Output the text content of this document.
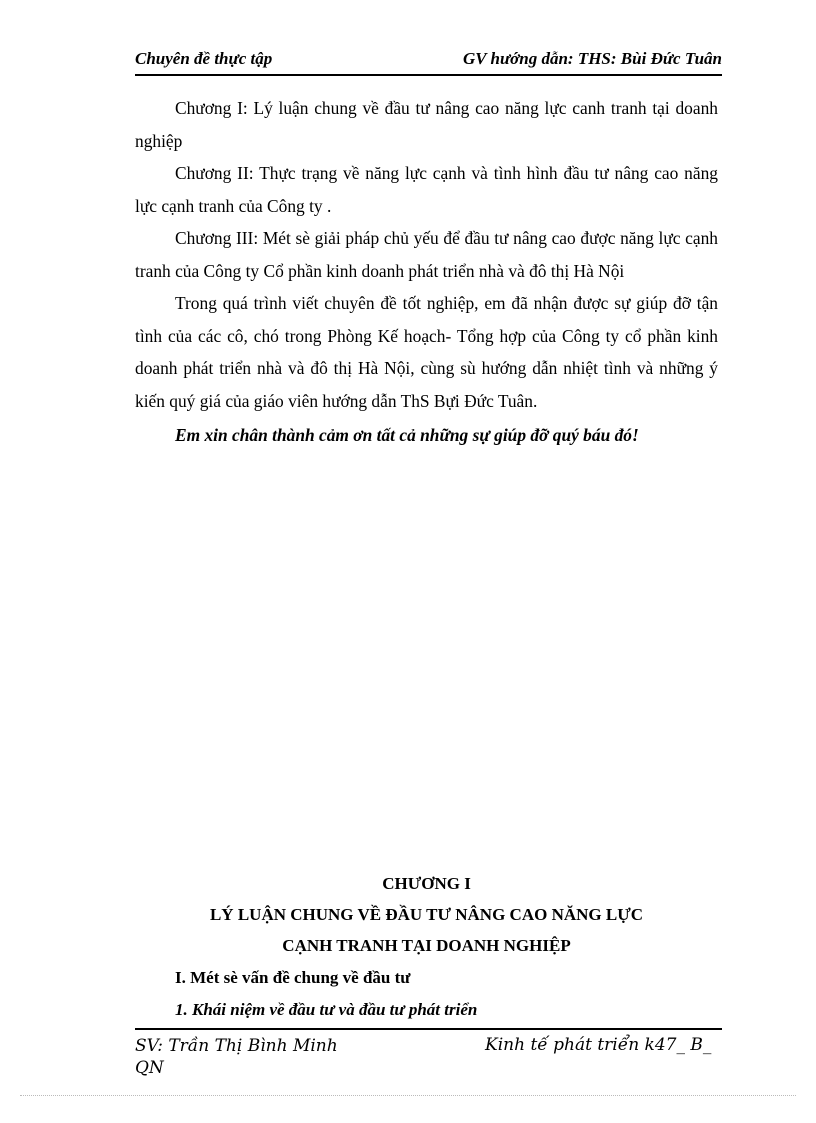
Chuyên đề thực tập	GV hướng dẫn: THS: Bùi Đức Tuân

Chương I: Lý luận chung về đầu tư nâng cao năng lực canh tranh tại doanh nghiệp

Chương II: Thực trạng về năng lực cạnh và tình hình đầu tư nâng cao năng lực cạnh tranh của Công ty .

Chương III: Mét sè giải pháp chủ yếu để đầu tư nâng cao được năng lực cạnh tranh của Công ty Cổ phần kinh doanh phát triển nhà và đô thị Hà Nội

Trong quá trình viết chuyên đề tốt nghiệp, em đã nhận được sự giúp đỡ tận tình của các cô, chó trong Phòng Kế hoạch- Tổng hợp của Công ty cổ phần kinh doanh phát triển nhà và đô thị Hà Nội, cùng sù hướng dẫn nhiệt tình và những ý kiến quý giá của giáo viên hướng dẫn ThS Bựi Đức Tuân.

Em xin chân thành cảm ơn tất cả những sự giúp đỡ quý báu đó!

CHƯƠNG I
LÝ LUẬN CHUNG VỀ ĐẦU TƯ NÂNG CAO NĂNG LỰC
CẠNH TRANH TẠI DOANH NGHIỆP
I. Mét sè vấn đề chung về đầu tư
1. Khái niệm về đầu tư và đầu tư phát triển
SV: Trần Thị Bình Minh
QN
Kinh tế phát triển k47_ B_
